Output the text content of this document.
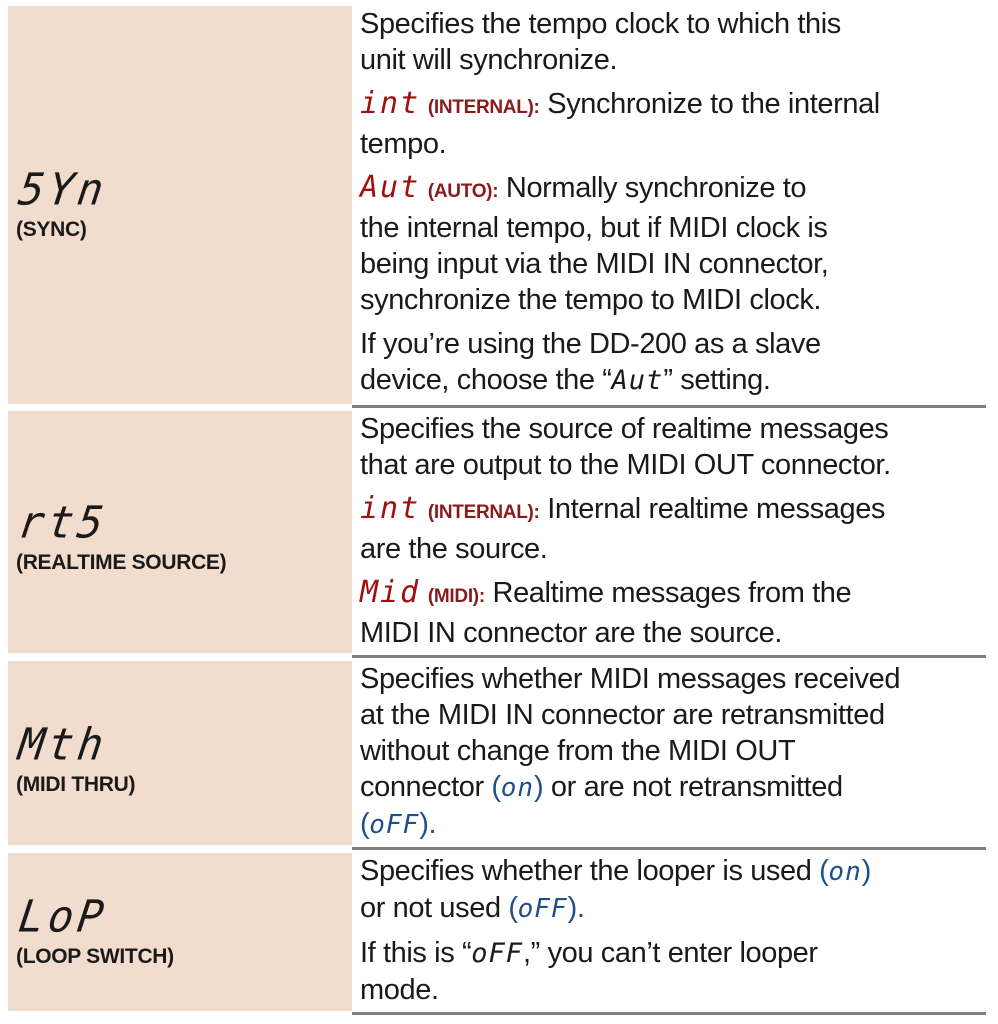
5Yn
(SYNC)

Specifies the tempo clock to which this

unit will synchronize.

int (INTERNAL): Synchronize to the internal

tempo.

Aut (AUTO): Normally synchronize to

the internal tempo, but if MIDI clock is

being input via the MIDI IN connector,

synchronize the tempo to MIDI clock.

If you’re using the DD-200 as a slave

device, choose the “Aut” setting.

rt5
(REALTIME SOURCE)

Specifies the source of realtime messages

that are output to the MIDI OUT connector.

int (INTERNAL): Internal realtime messages

are the source.

Mid (MIDI): Realtime messages from the

MIDI IN connector are the source.

Mth
(MIDI THRU)

Specifies whether MIDI messages received

at the MIDI IN connector are retransmitted

without change from the MIDI OUT

connector (on) or are not retransmitted

(oFF).

LoP
(LOOP SWITCH)

Specifies whether the looper is used (on)

or not used (oFF).

If this is “oFF,” you can’t enter looper

mode.
